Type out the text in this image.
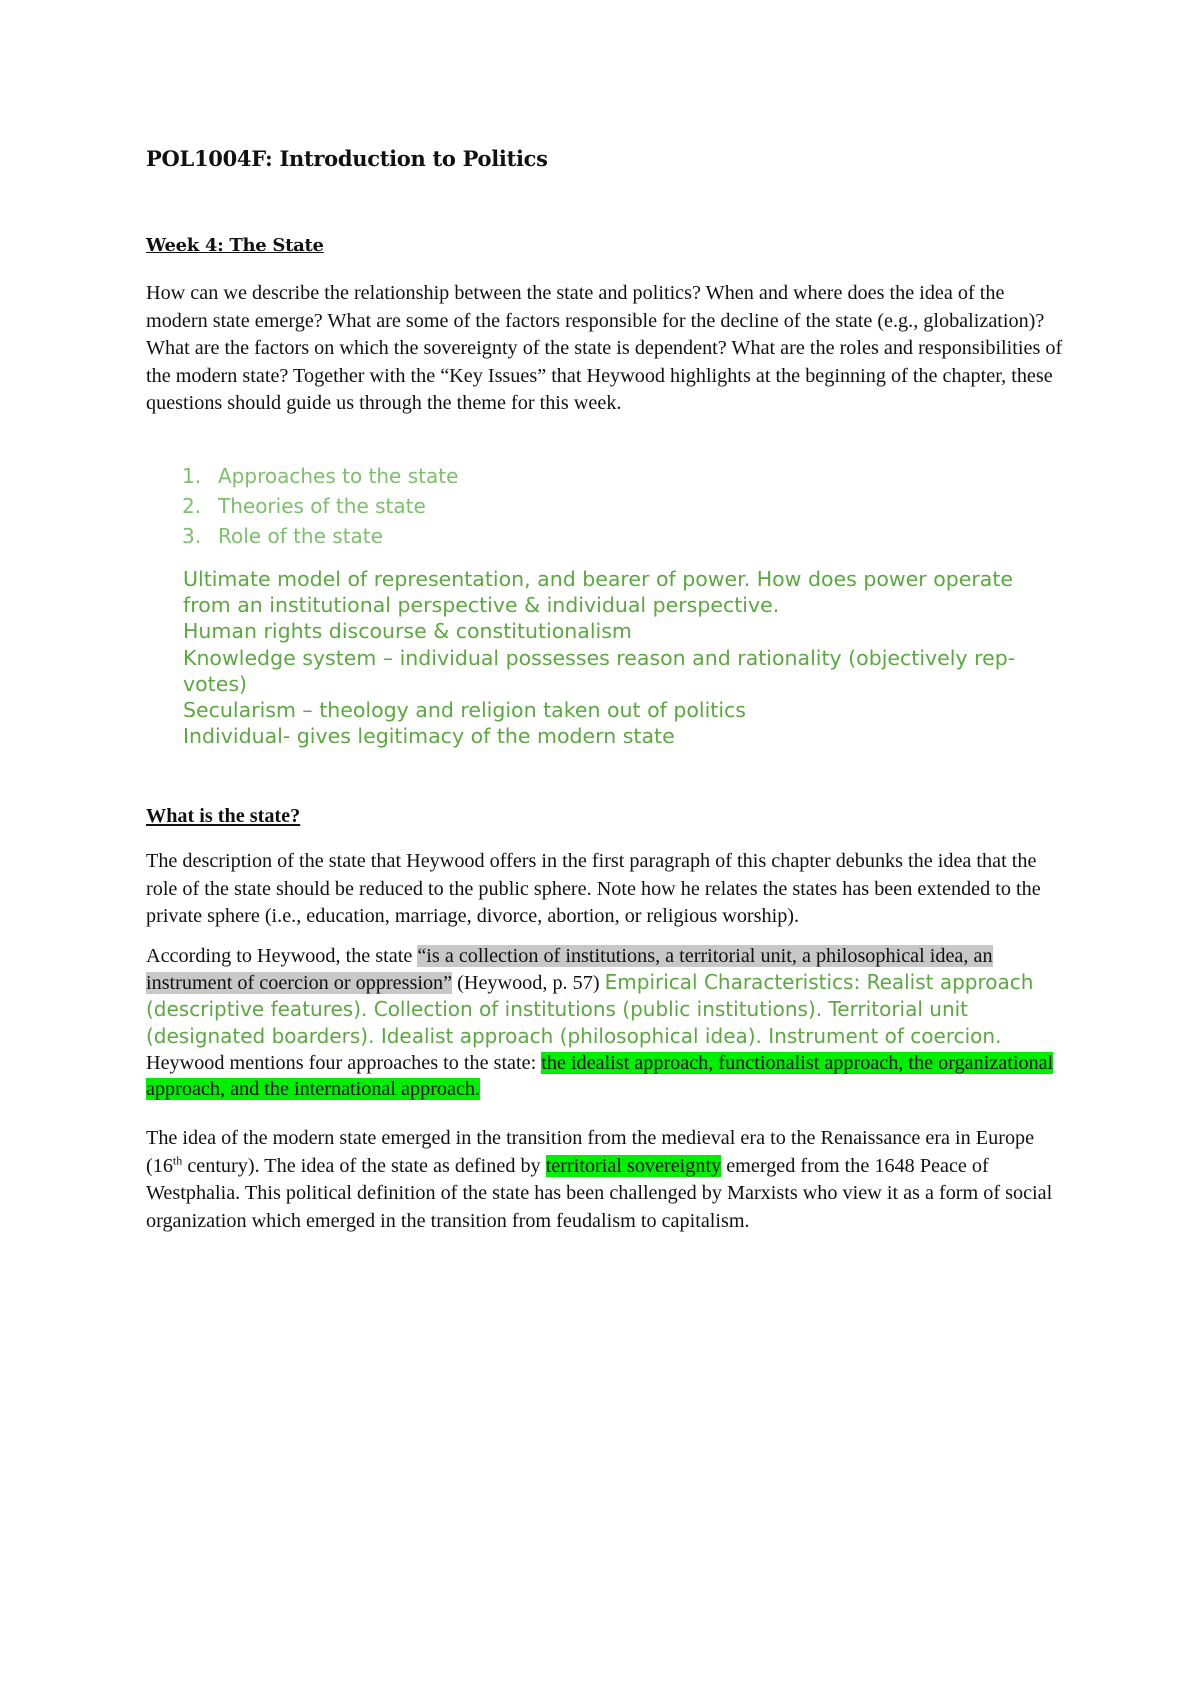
POL1004F: Introduction to Politics
Week 4: The State

How can we describe the relationship between the state and politics? When and where does the idea of the modern state emerge? What are some of the factors responsible for the decline of the state (e.g., globalization)? What are the factors on which the sovereignty of the state is dependent? What are the roles and responsibilities of the modern state? Together with the “Key Issues” that Heywood highlights at the beginning of the chapter, these questions should guide us through the theme for this week.

1. Approaches to the state
2. Theories of the state
3. Role of the state
Ultimate model of representation, and bearer of power. How does power operate from an institutional perspective & individual perspective.
Human rights discourse & constitutionalism
Knowledge system – individual possesses reason and rationality (objectively rep- votes)
Secularism – theology and religion taken out of politics
Individual- gives legitimacy of the modern state
What is the state?

The description of the state that Heywood offers in the first paragraph of this chapter debunks the idea that the role of the state should be reduced to the public sphere. Note how he relates the states has been extended to the private sphere (i.e., education, marriage, divorce, abortion, or religious worship).

According to Heywood, the state “is a collection of institutions, a territorial unit, a philosophical idea, an instrument of coercion or oppression” (Heywood, p. 57) Empirical Characteristics: Realist approach (descriptive features). Collection of institutions (public institutions). Territorial unit (designated boarders). Idealist approach (philosophical idea). Instrument of coercion. Heywood mentions four approaches to the state: the idealist approach, functionalist approach, the organizational approach, and the international approach.

The idea of the modern state emerged in the transition from the medieval era to the Renaissance era in Europe (16th century). The idea of the state as defined by territorial sovereignty emerged from the 1648 Peace of Westphalia. This political definition of the state has been challenged by Marxists who view it as a form of social organization which emerged in the transition from feudalism to capitalism.
